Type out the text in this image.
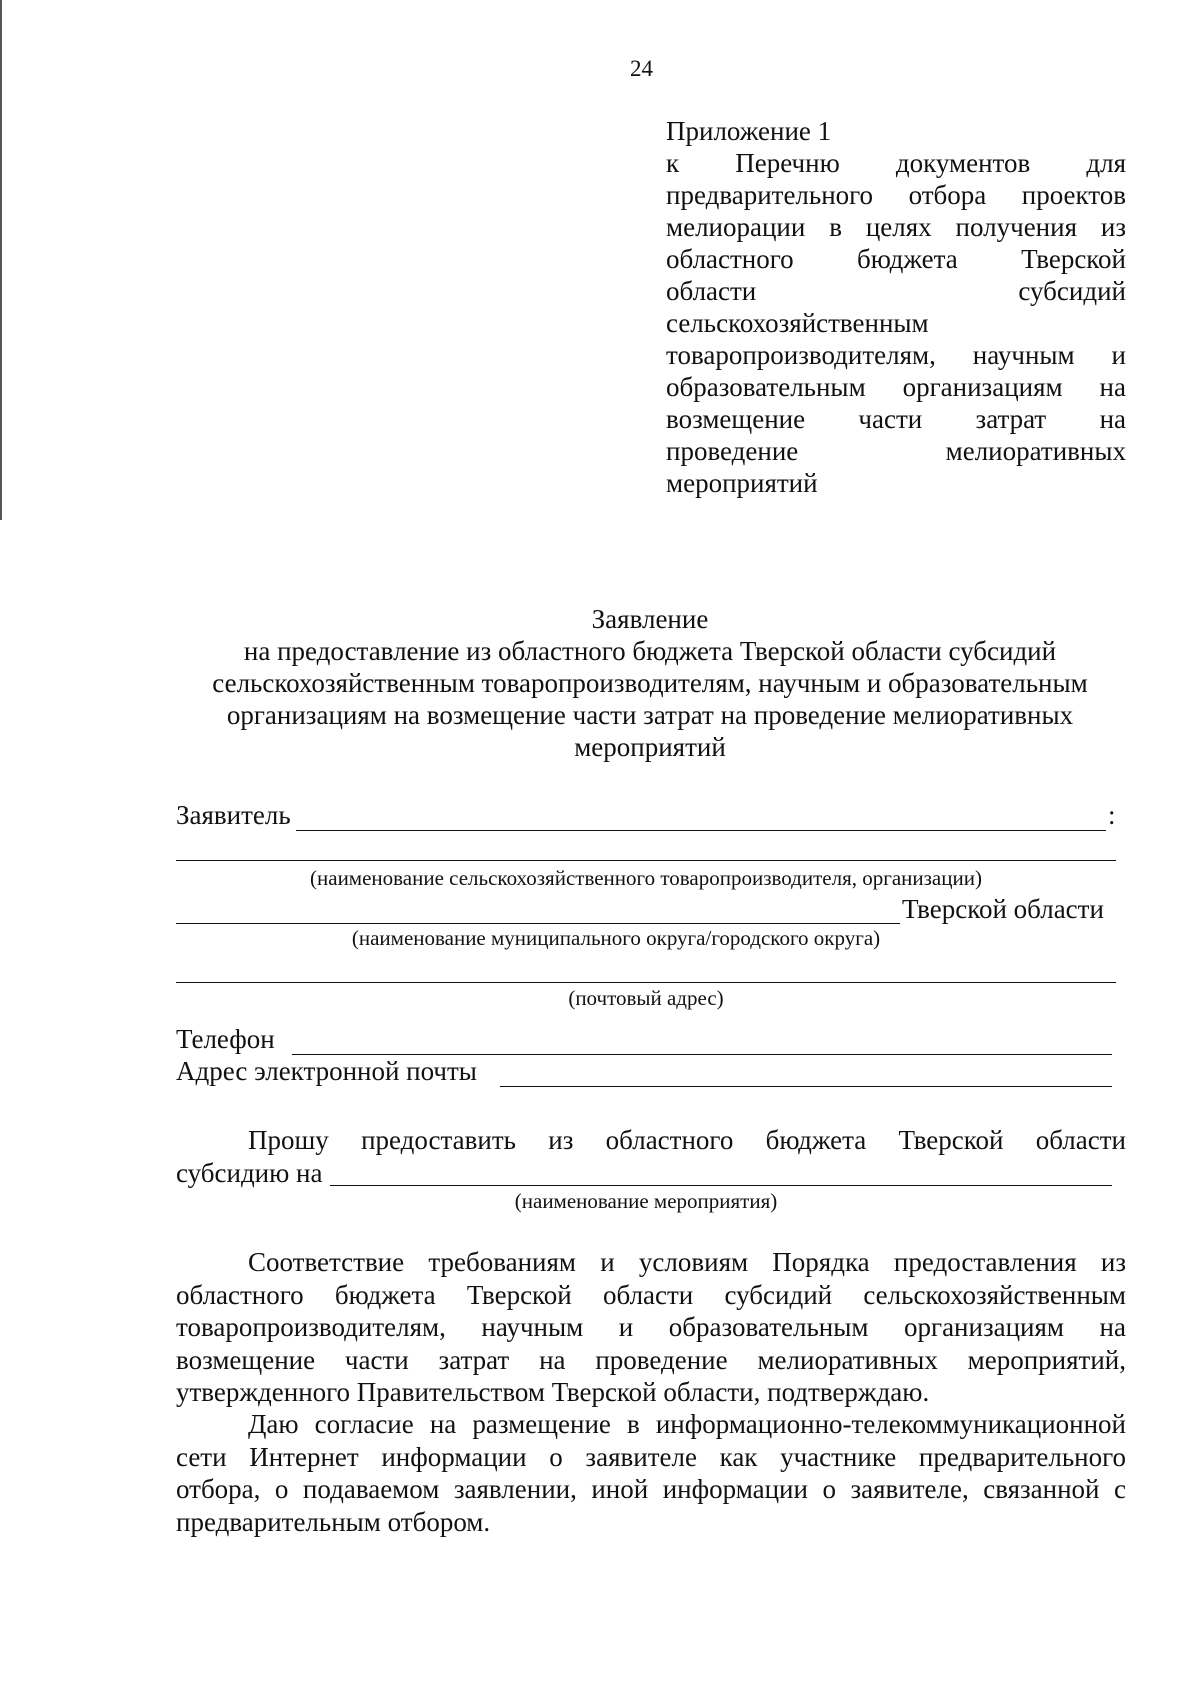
24
Приложение 1
к Перечню документов для
предварительного отбора проектов
мелиорации в целях получения из
областного бюджета Тверской
области субсидий
сельскохозяйственным
товаропроизводителям, научным и
образовательным организациям на
возмещение части затрат на
проведение мелиоративных
мероприятий
Заявление
на предоставление из областного бюджета Тверской области субсидий
сельскохозяйственным товаропроизводителям, научным и образовательным
организациям на возмещение части затрат на проведение мелиоративных
мероприятий
Заявитель	:
(наименование сельскохозяйственного товаропроизводителя, организации)
Тверской области
(наименование муниципального округа/городского округа)
(почтовый адрес)
Телефон
Адрес электронной почты
Прошу предоставить из областного бюджета Тверской области
субсидию на
(наименование мероприятия)
Соответствие требованиям и условиям Порядка предоставления из
областного бюджета Тверской области субсидий сельскохозяйственным
товаропроизводителям, научным и образовательным организациям на
возмещение части затрат на проведение мелиоративных мероприятий,
утвержденного Правительством Тверской области, подтверждаю.
Даю согласие на размещение в информационно-телекоммуникационной
сети Интернет информации о заявителе как участнике предварительного
отбора, о подаваемом заявлении, иной информации о заявителе, связанной с
предварительным отбором.
